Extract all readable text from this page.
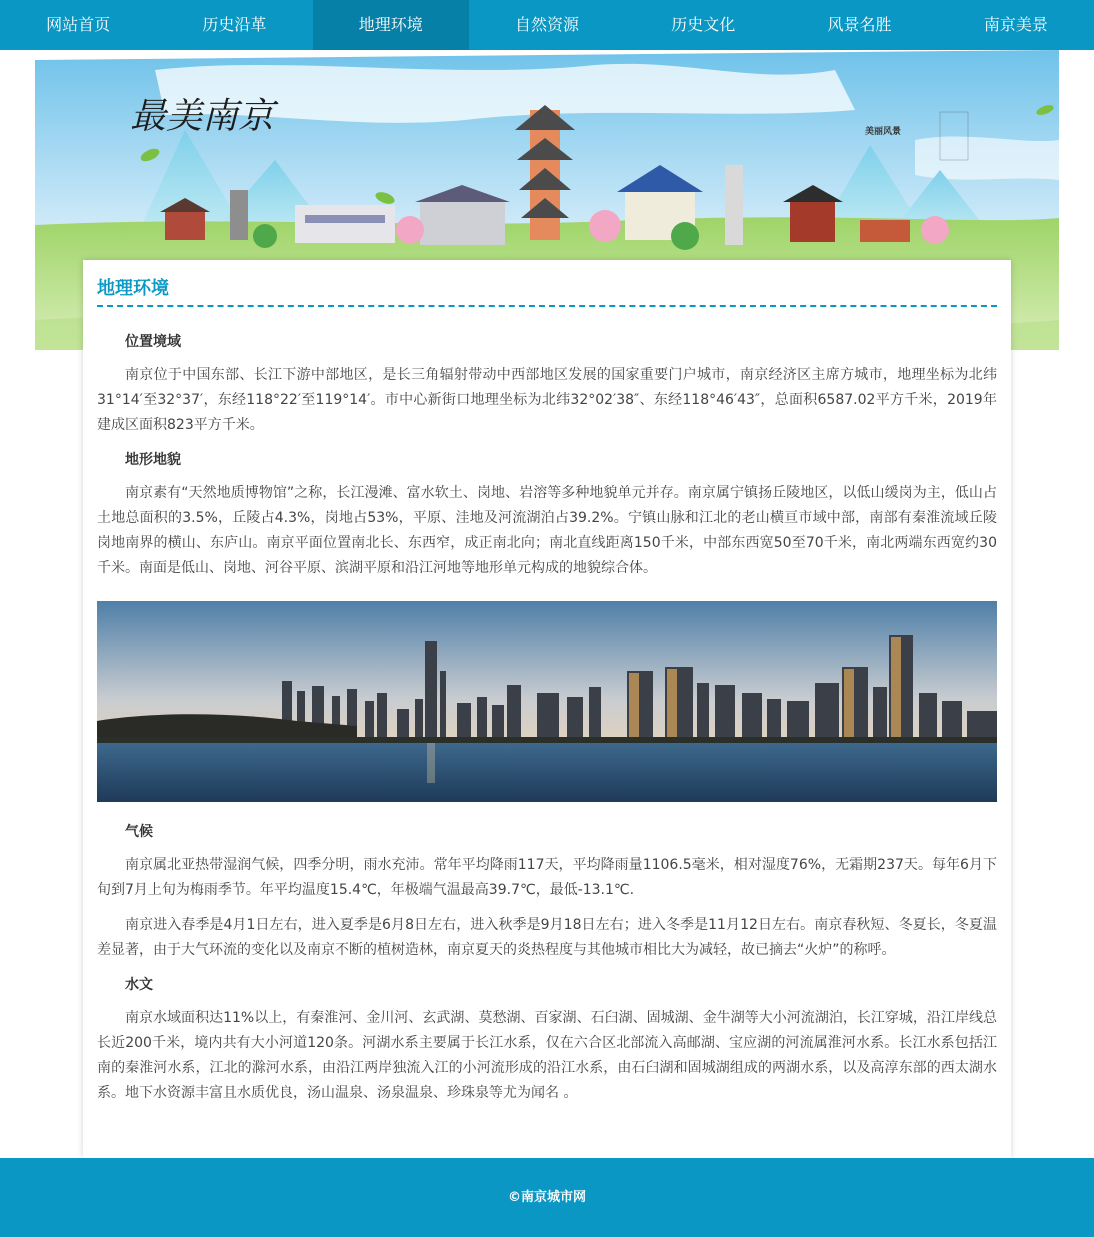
网站首页	历史沿革	地理环境	自然资源	历史文化	风景名胜	南京美景
最美南京	美丽风景
地理环境
位置境域

南京位于中国东部、长江下游中部地区，是长三角辐射带动中西部地区发展的国家重要门户城市，南京经济区主席方城市，地理坐标为北纬31°14′至32°37′，东经118°22′至119°14′。市中心新街口地理坐标为北纬32°02′38″、东经118°46′43″，总面积6587.02平方千米，2019年建成区面积823平方千米。

地形地貌

南京素有“天然地质博物馆”之称，长江漫滩、富水软土、岗地、岩溶等多种地貌单元并存。南京属宁镇扬丘陵地区，以低山缓岗为主，低山占土地总面积的3.5%，丘陵占4.3%，岗地占53%，平原、洼地及河流湖泊占39.2%。宁镇山脉和江北的老山横亘市域中部，南部有秦淮流域丘陵岗地南界的横山、东庐山。南京平面位置南北长、东西窄，成正南北向；南北直线距离150千米，中部东西宽50至70千米，南北两端东西宽约30千米。南面是低山、岗地、河谷平原、滨湖平原和沿江河地等地形单元构成的地貌综合体。

气候

南京属北亚热带湿润气候，四季分明，雨水充沛。常年平均降雨117天，平均降雨量1106.5毫米，相对湿度76%，无霜期237天。每年6月下旬到7月上旬为梅雨季节。年平均温度15.4℃，年极端气温最高39.7℃，最低-13.1℃.

南京进入春季是4月1日左右，进入夏季是6月8日左右，进入秋季是9月18日左右；进入冬季是11月12日左右。南京春秋短、冬夏长，冬夏温差显著，由于大气环流的变化以及南京不断的植树造林，南京夏天的炎热程度与其他城市相比大为减轻，故已摘去“火炉”的称呼。

水文

南京水域面积达11%以上，有秦淮河、金川河、玄武湖、莫愁湖、百家湖、石臼湖、固城湖、金牛湖等大小河流湖泊，长江穿城，沿江岸线总长近200千米，境内共有大小河道120条。河湖水系主要属于长江水系，仅在六合区北部流入高邮湖、宝应湖的河流属淮河水系。长江水系包括江南的秦淮河水系，江北的滁河水系，由沿江两岸独流入江的小河流形成的沿江水系，由石臼湖和固城湖组成的两湖水系，以及高淳东部的西太湖水系。地下水资源丰富且水质优良，汤山温泉、汤泉温泉、珍珠泉等尤为闻名 。

©南京城市网
